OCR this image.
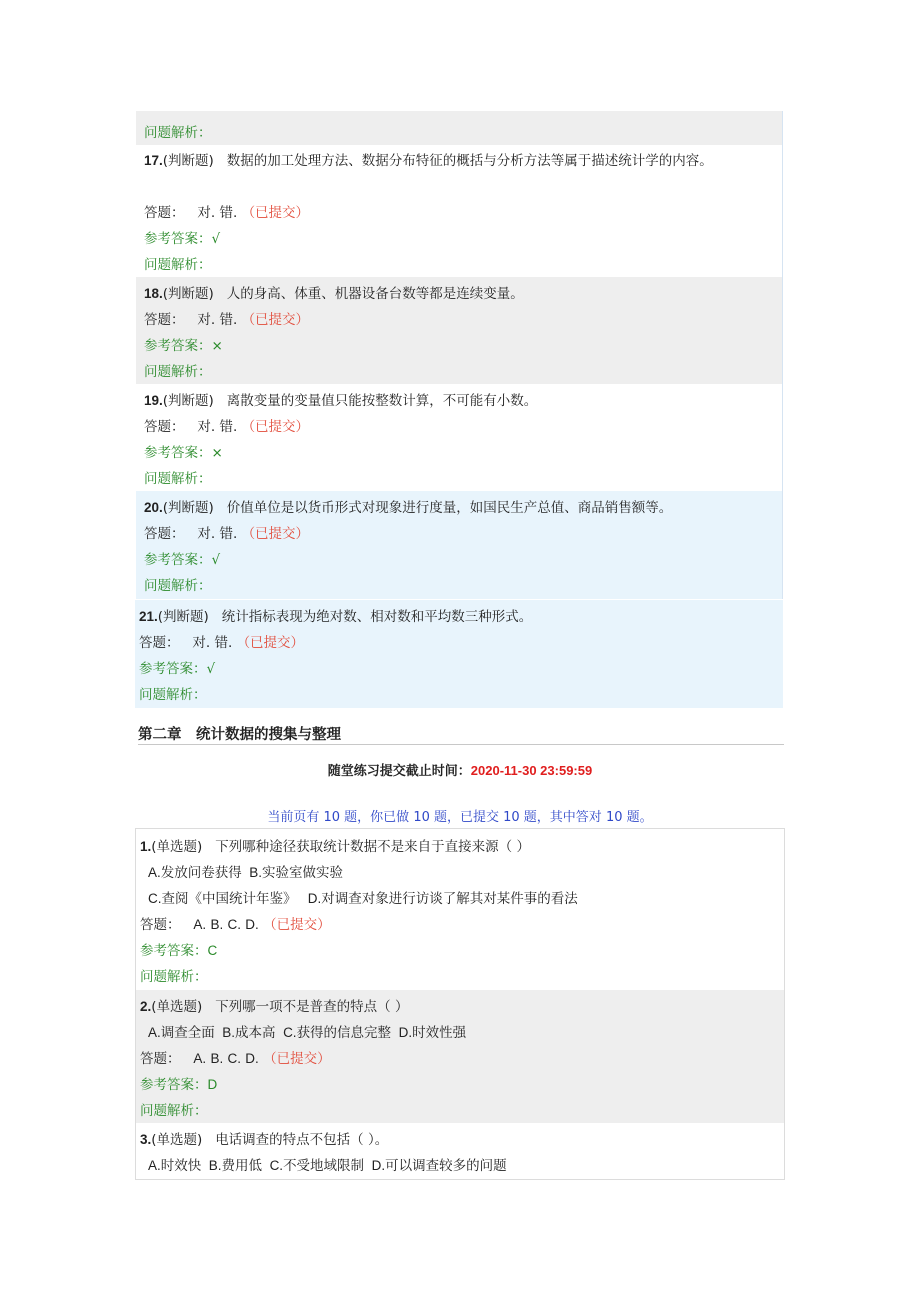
问题解析：
17.(判断题) 数据的加工处理方法、数据分布特征的概括与分析方法等属于描述统计学的内容。
答题： 对. 错. （已提交）
参考答案：√
问题解析：
18.(判断题) 人的身高、体重、机器设备台数等都是连续变量。
答题： 对. 错. （已提交）
参考答案：×
问题解析：
19.(判断题) 离散变量的变量值只能按整数计算，不可能有小数。
答题： 对. 错. （已提交）
参考答案：×
问题解析：
20.(判断题) 价值单位是以货币形式对现象进行度量，如国民生产总值、商品销售额等。
答题： 对. 错. （已提交）
参考答案：√
问题解析：
21.(判断题) 统计指标表现为绝对数、相对数和平均数三种形式。
答题： 对. 错. （已提交）
参考答案：√
问题解析：
第二章　统计数据的搜集与整理
随堂练习提交截止时间：2020-11-30 23:59:59
当前页有 10 题，你已做 10 题，已提交 10 题，其中答对 10 题。
1.(单选题) 下列哪种途径获取统计数据不是来自于直接来源（ ）
A.发放问卷获得 B.实验室做实验
C.查阅《中国统计年鉴》 D.对调查对象进行访谈了解其对某件事的看法
答题： A. B. C. D. （已提交）
参考答案：C
问题解析：
2.(单选题) 下列哪一项不是普查的特点（ ）
A.调查全面 B.成本高 C.获得的信息完整 D.时效性强
答题： A. B. C. D. （已提交）
参考答案：D
问题解析：
3.(单选题) 电话调查的特点不包括（ ）。
A.时效快 B.费用低 C.不受地域限制 D.可以调查较多的问题
